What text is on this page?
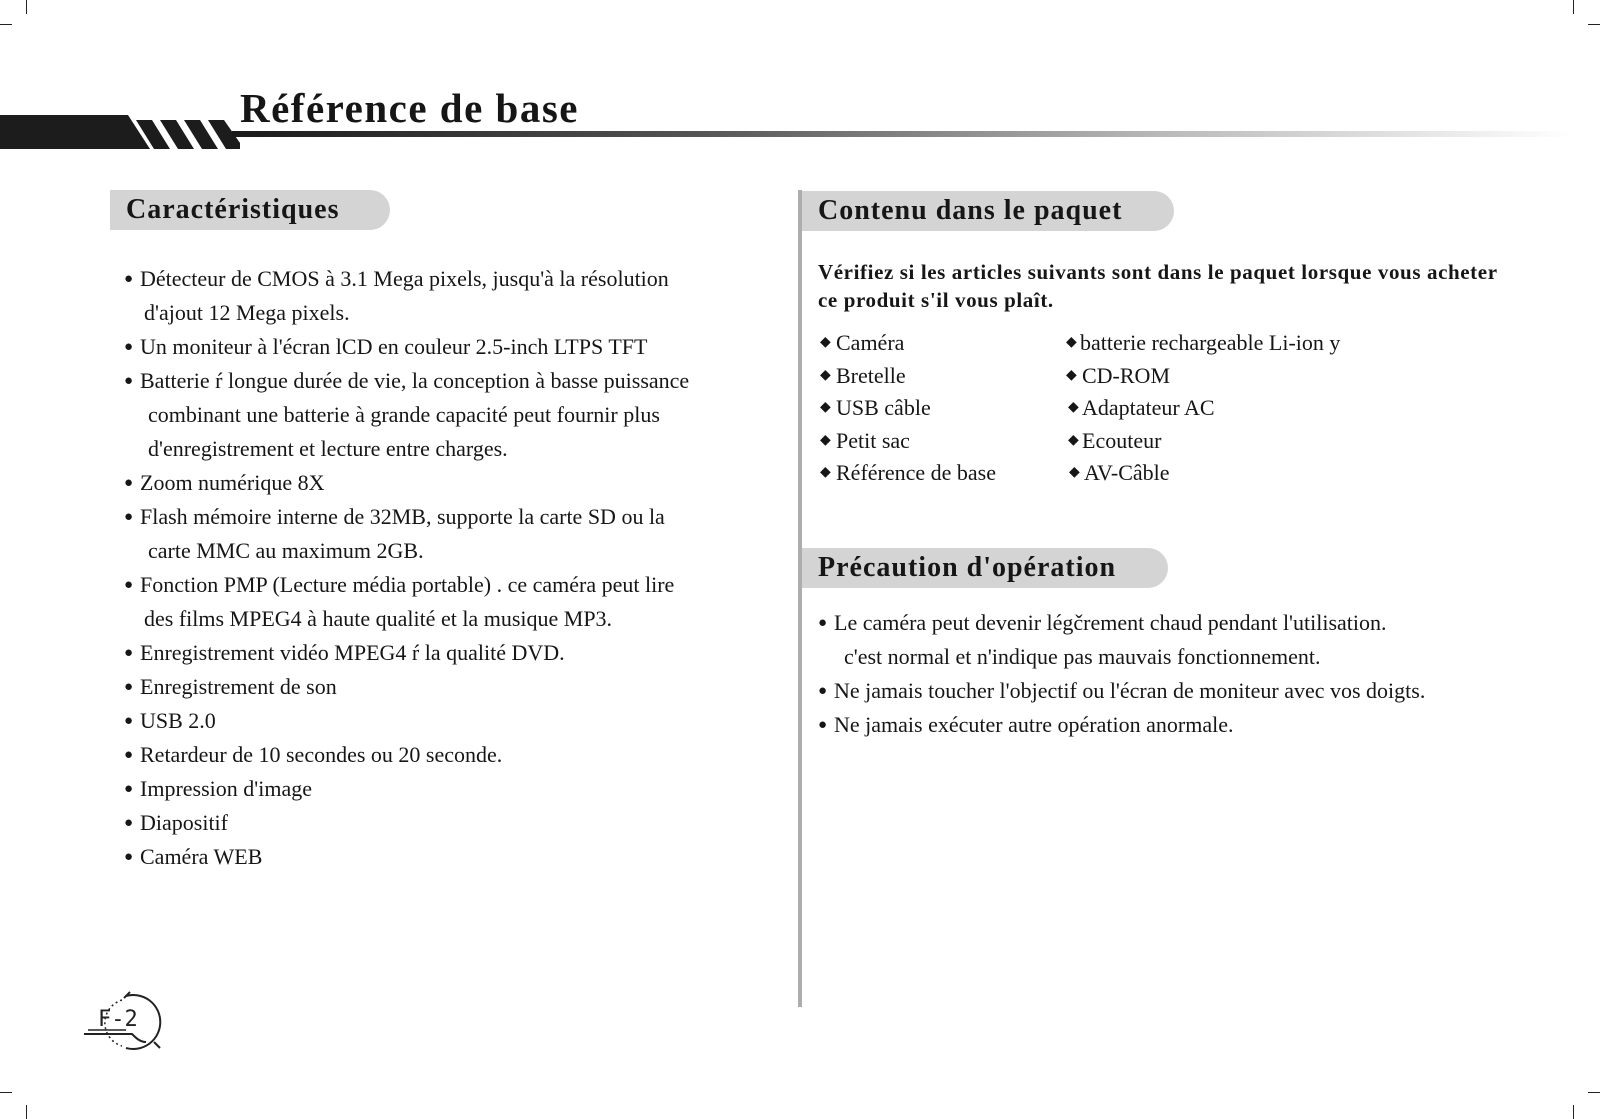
Référence de base
Caractéristiques
● Détecteur de CMOS à 3.1 Mega pixels, jusqu'à la résolution
d'ajout 12 Mega pixels.
● Un moniteur à l'écran lCD en couleur 2.5-inch LTPS TFT
● Batterie ŕ longue durée de vie, la conception à basse puissance
combinant une batterie à grande capacité peut fournir plus
d'enregistrement et lecture entre charges.
● Zoom numérique 8X
● Flash mémoire interne de 32MB, supporte la carte SD ou la
carte MMC au maximum 2GB.
● Fonction PMP (Lecture média portable) . ce caméra peut lire
des films MPEG4 à haute qualité et la musique MP3.
● Enregistrement vidéo MPEG4 ŕ la qualité DVD.
● Enregistrement de son
● USB 2.0
● Retardeur de 10 secondes ou 20 seconde.
● Impression d'image
● Diapositif
● Caméra WEB
Contenu dans le paquet

Vérifiez si les articles suivants sont dans le paquet lorsque vous acheter ce produit s'il vous plaît.

◆ Caméra
◆ Bretelle
◆ USB câble
◆ Petit sac
◆ Référence de base
◆ batterie rechargeable Li-ion y
◆ CD-ROM
◆ Adaptateur AC
◆ Ecouteur
◆ AV-Câble
Précaution d'opération
● Le caméra peut devenir légčrement chaud pendant l'utilisation.
c'est normal et n'indique pas mauvais fonctionnement.
● Ne jamais toucher l'objectif ou l'écran de moniteur avec vos doigts.
● Ne jamais exécuter autre opération anormale.
F-2
